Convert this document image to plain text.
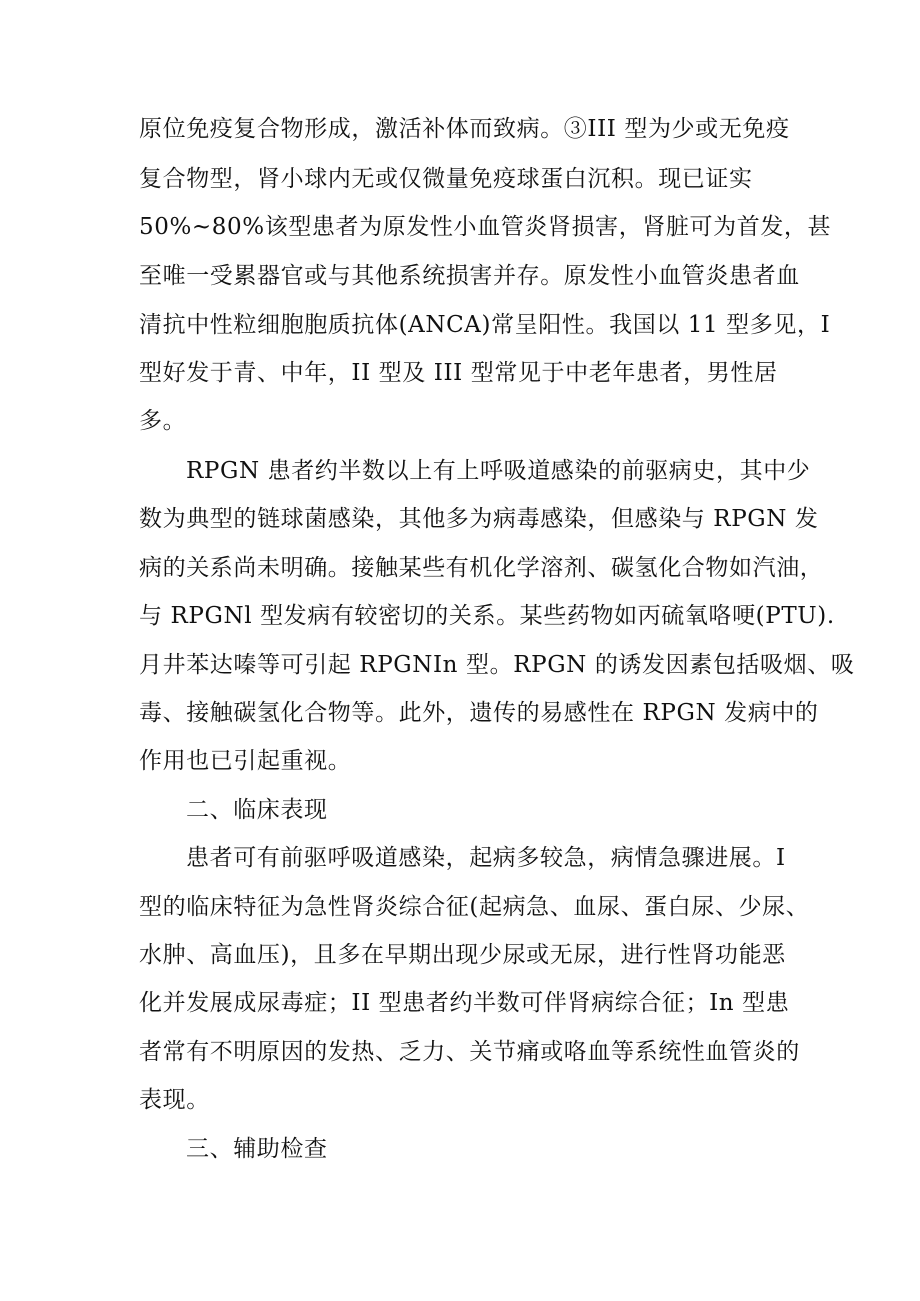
原位免疫复合物形成，激活补体而致病。③III 型为少或无免疫

复合物型，肾小球内无或仅微量免疫球蛋白沉积。现已证实

50%~80%该型患者为原发性小血管炎肾损害，肾脏可为首发，甚

至唯一受累器官或与其他系统损害并存。原发性小血管炎患者血

清抗中性粒细胞胞质抗体(ANCA)常呈阳性。我国以 11 型多见，I

型好发于青、中年，II 型及 III 型常见于中老年患者，男性居

多。

RPGN 患者约半数以上有上呼吸道感染的前驱病史，其中少

数为典型的链球菌感染，其他多为病毒感染，但感染与 RPGN 发

病的关系尚未明确。接触某些有机化学溶剂、碳氢化合物如汽油，

与 RPGNl 型发病有较密切的关系。某些药物如丙硫氧咯哽(PTU).

月井苯达嗪等可引起 RPGNIn 型。RPGN 的诱发因素包括吸烟、吸

毒、接触碳氢化合物等。此外，遗传的易感性在 RPGN 发病中的

作用也已引起重视。

二、临床表现

患者可有前驱呼吸道感染，起病多较急，病情急骤进展。I

型的临床特征为急性肾炎综合征(起病急、血尿、蛋白尿、少尿、

水肿、高血压)，且多在早期出现少尿或无尿，进行性肾功能恶

化并发展成尿毒症；II 型患者约半数可伴肾病综合征；In 型患

者常有不明原因的发热、乏力、关节痛或咯血等系统性血管炎的

表现。

三、辅助检查
